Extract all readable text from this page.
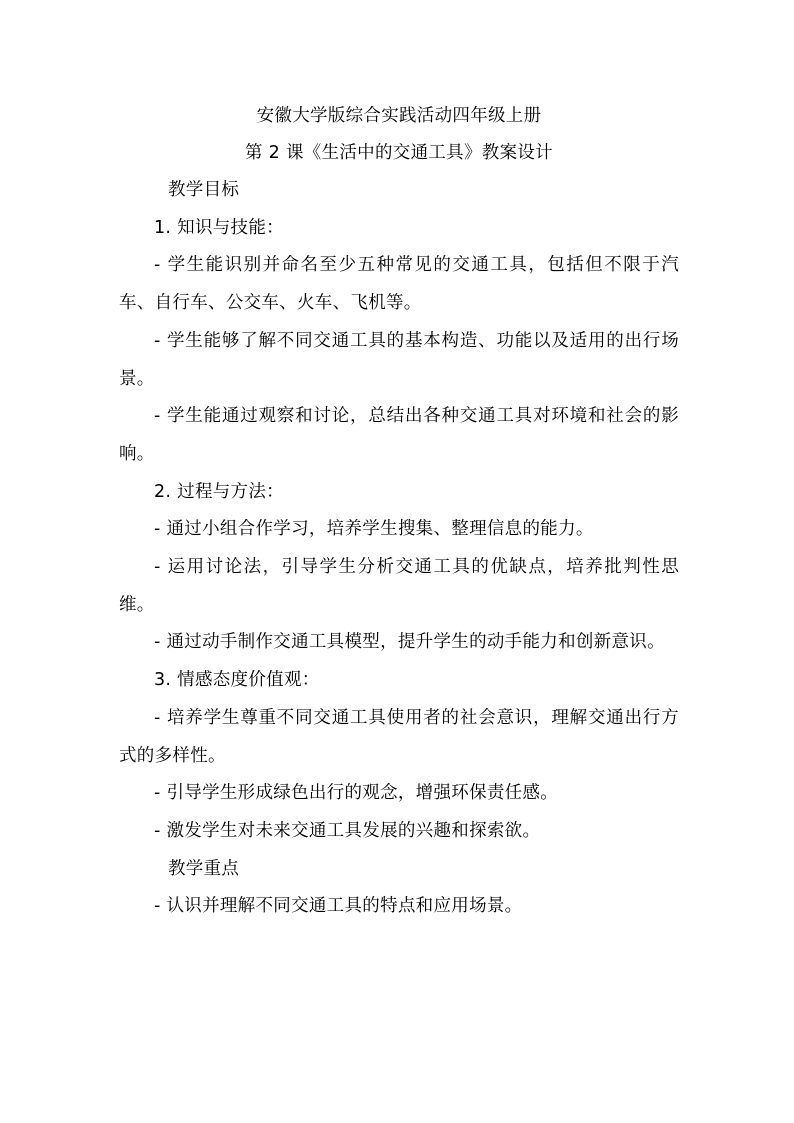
安徽大学版综合实践活动四年级上册

第 2 课《生活中的交通工具》教案设计

教学目标

1. 知识与技能：

- 学生能识别并命名至少五种常见的交通工具，包括但不限于汽车、自行车、公交车、火车、飞机等。

- 学生能够了解不同交通工具的基本构造、功能以及适用的出行场景。

- 学生能通过观察和讨论，总结出各种交通工具对环境和社会的影响。

2. 过程与方法：

- 通过小组合作学习，培养学生搜集、整理信息的能力。

- 运用讨论法，引导学生分析交通工具的优缺点，培养批判性思维。

- 通过动手制作交通工具模型，提升学生的动手能力和创新意识。

3. 情感态度价值观：

- 培养学生尊重不同交通工具使用者的社会意识，理解交通出行方式的多样性。

- 引导学生形成绿色出行的观念，增强环保责任感。

- 激发学生对未来交通工具发展的兴趣和探索欲。

教学重点

- 认识并理解不同交通工具的特点和应用场景。
